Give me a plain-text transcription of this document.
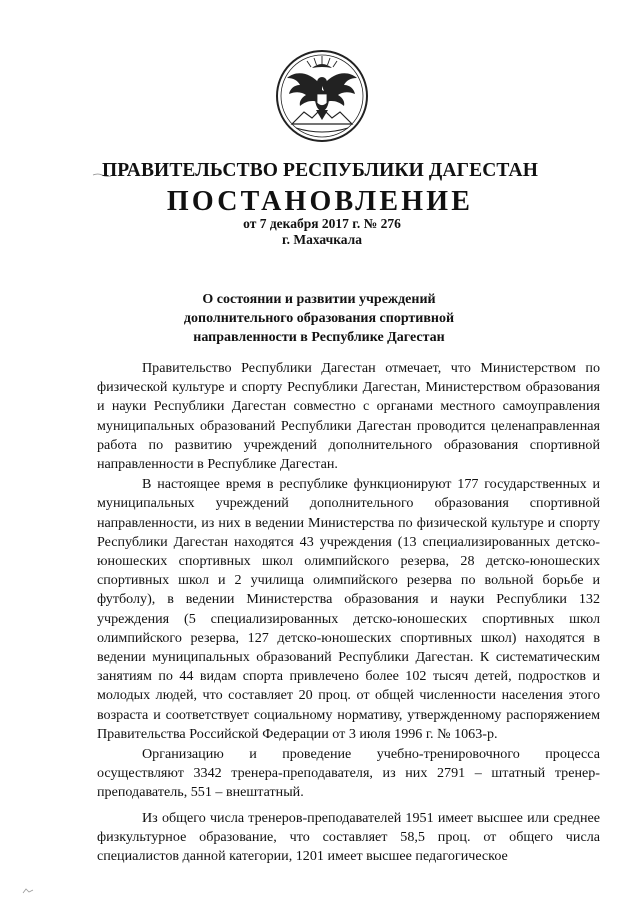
ПРАВИТЕЛЬСТВО РЕСПУБЛИКИ ДАГЕСТАН
ПОСТАНОВЛЕНИЕ
от 7 декабря 2017 г. № 276
г. Махачкала
О состоянии и развитии учреждений
дополнительного образования спортивной
направленности в Республике Дагестан

Правительство Республики Дагестан отмечает, что Министерством по физической культуре и спорту Республики Дагестан, Министерством образования и науки Республики Дагестан совместно с органами местного самоуправления муниципальных образований Республики Дагестан проводится целенаправленная работа по развитию учреждений дополнительного образования спортивной направленности в Республике Дагестан.

В настоящее время в республике функционируют 177 государственных и муниципальных учреждений дополнительного образования спортивной направленности, из них в ведении Министерства по физической культуре и спорту Республики Дагестан находятся 43 учреждения (13 специализированных детско-юношеских спортивных школ олимпийского резерва, 28 детско-юношеских спортивных школ и 2 училища олимпийского резерва по вольной борьбе и футболу), в ведении Министерства образования и науки Республики 132 учреждения (5 специализированных детско-юношеских спортивных школ олимпийского резерва, 127 детско-юношеских спортивных школ) находятся в ведении муниципальных образований Республики Дагестан. К систематическим занятиям по 44 видам спорта привлечено более 102 тысяч детей, подростков и молодых людей, что составляет 20 проц. от общей численности населения этого возраста и соответствует социальному нормативу, утвержденному распоряжением Правительства Российской Федерации от 3 июля 1996 г. № 1063-р.

Организацию и проведение учебно-тренировочного процесса осуществляют 3342 тренера-преподавателя, из них 2791 – штатный тренер-преподаватель, 551 – внештатный.

Из общего числа тренеров-преподавателей 1951 имеет высшее или среднее физкультурное образование, что составляет 58,5 проц. от общего числа специалистов данной категории, 1201 имеет высшее педагогическое
